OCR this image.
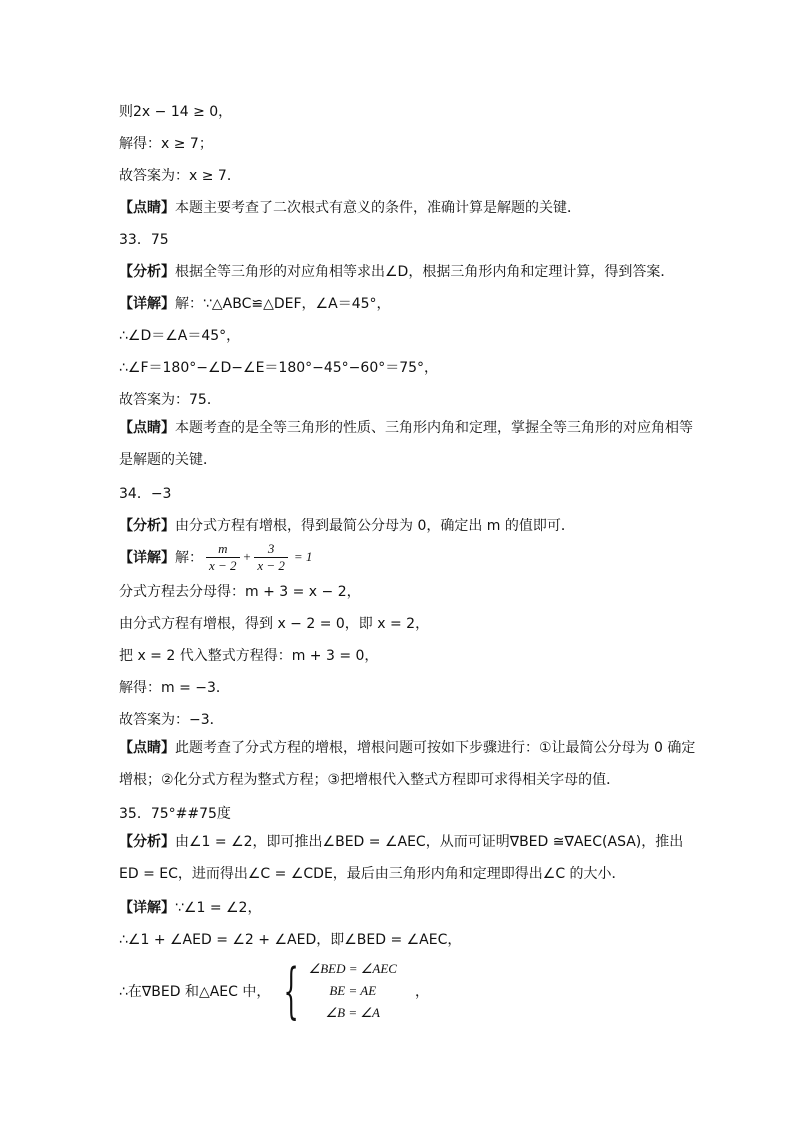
则2x − 14 ≥ 0，
解得：x ≥ 7；
故答案为：x ≥ 7．
【点睛】本题主要考查了二次根式有意义的条件，准确计算是解题的关键．
33．75
【分析】根据全等三角形的对应角相等求出∠D，根据三角形内角和定理计算，得到答案．
【详解】解：∵△ABC≌△DEF，∠A＝45°，
∴∠D＝∠A＝45°，
∴∠F＝180°−∠D−∠E＝180°−45°−60°＝75°，
故答案为：75．
【点睛】本题考查的是全等三角形的性质、三角形内角和定理，掌握全等三角形的对应角相等是解题的关键．
34．−3
【分析】由分式方程有增根，得到最简公分母为 0，确定出 m 的值即可．
【详解】 解： $\frac{m}{x - 2} + \frac{3}{x - 2} = 1$
分式方程去分母得：m + 3 = x − 2，
由分式方程有增根，得到 x − 2 = 0，即 x = 2，
把 x = 2 代入整式方程得：m + 3 = 0，
解得：m = −3．
故答案为：−3．
【点睛】此题考查了分式方程的增根，增根问题可按如下步骤进行：①让最简公分母为 0 确定增根；②化分式方程为整式方程；③把增根代入整式方程即可求得相关字母的值．
35．75°##75度
【分析】由∠1 = ∠2，即可推出∠BED = ∠AEC，从而可证明∇BED ≅∇AEC(ASA)，推出 ED = EC，进而得出∠C = ∠CDE，最后由三角形内角和定理即得出∠C 的大小．
【详解】∵∠1 = ∠2，
∴∠1 + ∠AED = ∠2 + ∠AED，即∠BED = ∠AEC，
∴在∇BED 和△AEC 中， { ∠BED = ∠AEC
BE = AE
∠B = ∠A
，
